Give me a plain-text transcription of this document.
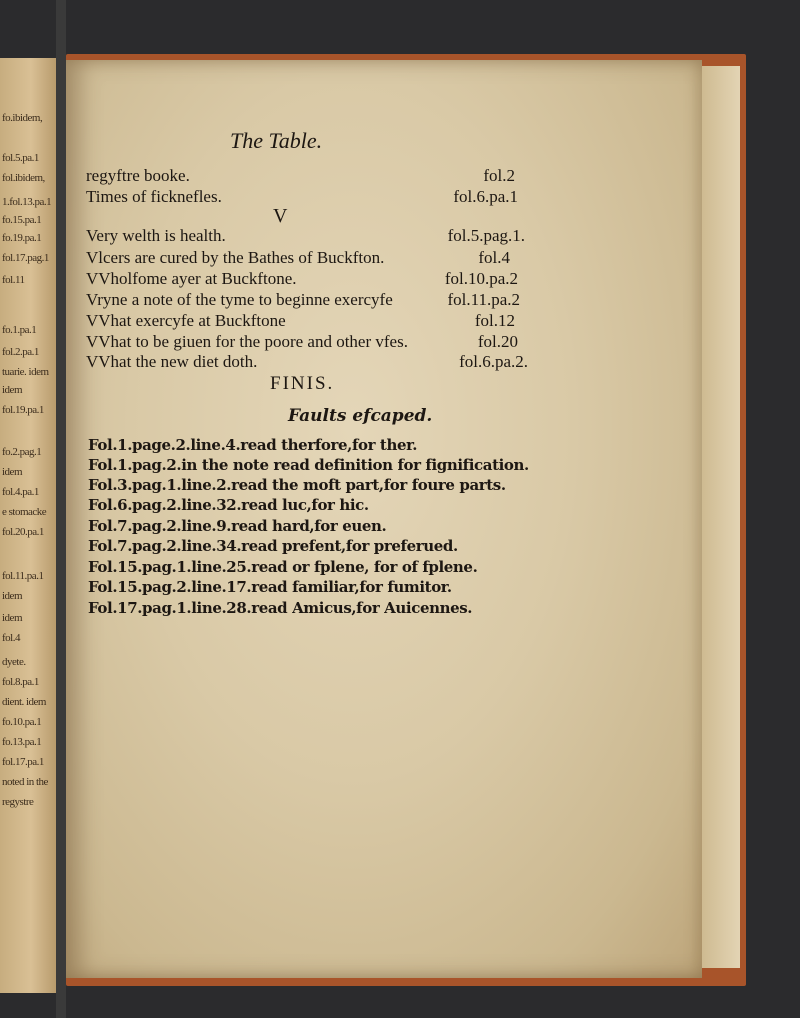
fo.ibidem,
fol.5.pa.1
fol.ibidem,
1.fol.13.pa.1
fo.15.pa.1
fo.19.pa.1
fol.17.pag.1
fol.11
fo.1.pa.1
fol.2.pa.1
tuarie. idem
idem
fol.19.pa.1
fo.2.pag.1
idem
fol.4.pa.1
e stomacke
fol.20.pa.1
fol.11.pa.1
idem
idem
fol.4
dyete.
fol.8.pa.1
dient. idem
fo.10.pa.1
fo.13.pa.1
fol.17.pa.1
noted in the
regystre
The Table.
regyftre booke.	fol.2
Times of ficknefles.	fol.6.pa.1
V
Very welth is health.	fol.5.pag.1.
Vlcers are cured by the Bathes of Buckfton.	fol.4
VVholfome ayer at Buckftone.	fol.10.pa.2
Vryne a note of the tyme to beginne exercyfe	fol.11.pa.2
VVhat exercyfe at Buckftone	fol.12
VVhat to be giuen for the poore and other vfes.	fol.20
VVhat the new diet doth.	fol.6.pa.2.
FINIS.
Faults efcaped.
Fol.1.page.2.line.4.read therfore,for ther.
Fol.1.pag.2.in the note read definition for fignification.
Fol.3.pag.1.line.2.read the moft part,for foure parts.
Fol.6.pag.2.line.32.read luc,for hic.
Fol.7.pag.2.line.9.read hard,for euen.
Fol.7.pag.2.line.34.read prefent,for preferued.
Fol.15.pag.1.line.25.read or fplene, for of fplene.
Fol.15.pag.2.line.17.read familiar,for fumitor.
Fol.17.pag.1.line.28.read Amicus,for Auicennes.
